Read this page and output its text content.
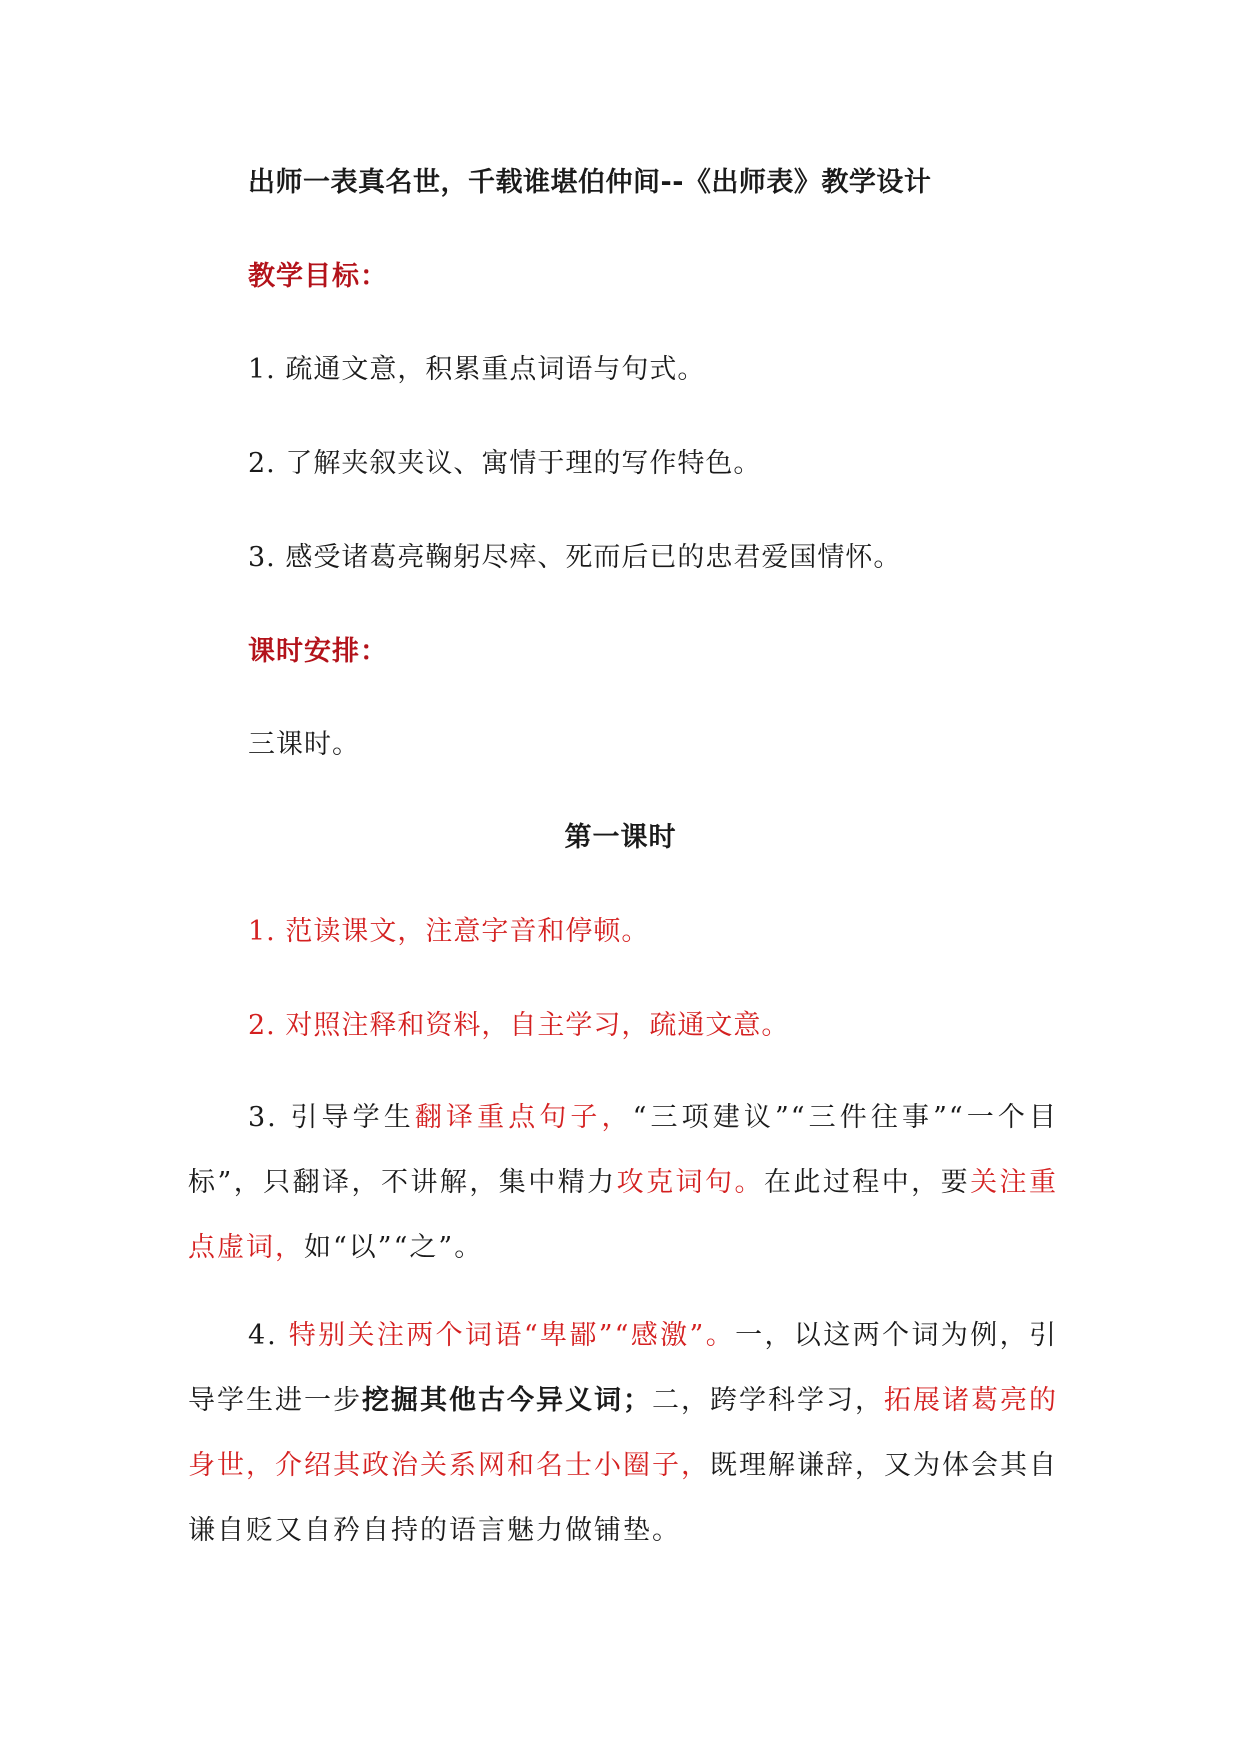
出师一表真名世，千载谁堪伯仲间--《出师表》教学设计
教学目标：
1. 疏通文意，积累重点词语与句式。
2. 了解夹叙夹议、寓情于理的写作特色。
3. 感受诸葛亮鞠躬尽瘁、死而后已的忠君爱国情怀。
课时安排：
三课时。
第一课时
1. 范读课文，注意字音和停顿。
2. 对照注释和资料，自主学习，疏通文意。
3. 引导学生翻译重点句子，“三项建议”“三件往事”“一个目标”，只翻译，不讲解，集中精力攻克词句。在此过程中，要关注重点虚词，如“以”“之”。
4. 特别关注两个词语“卑鄙”“感激”。一，以这两个词为例，引导学生进一步挖掘其他古今异义词；二，跨学科学习，拓展诸葛亮的身世，介绍其政治关系网和名士小圈子，既理解谦辞，又为体会其自谦自贬又自矜自持的语言魅力做铺垫。
